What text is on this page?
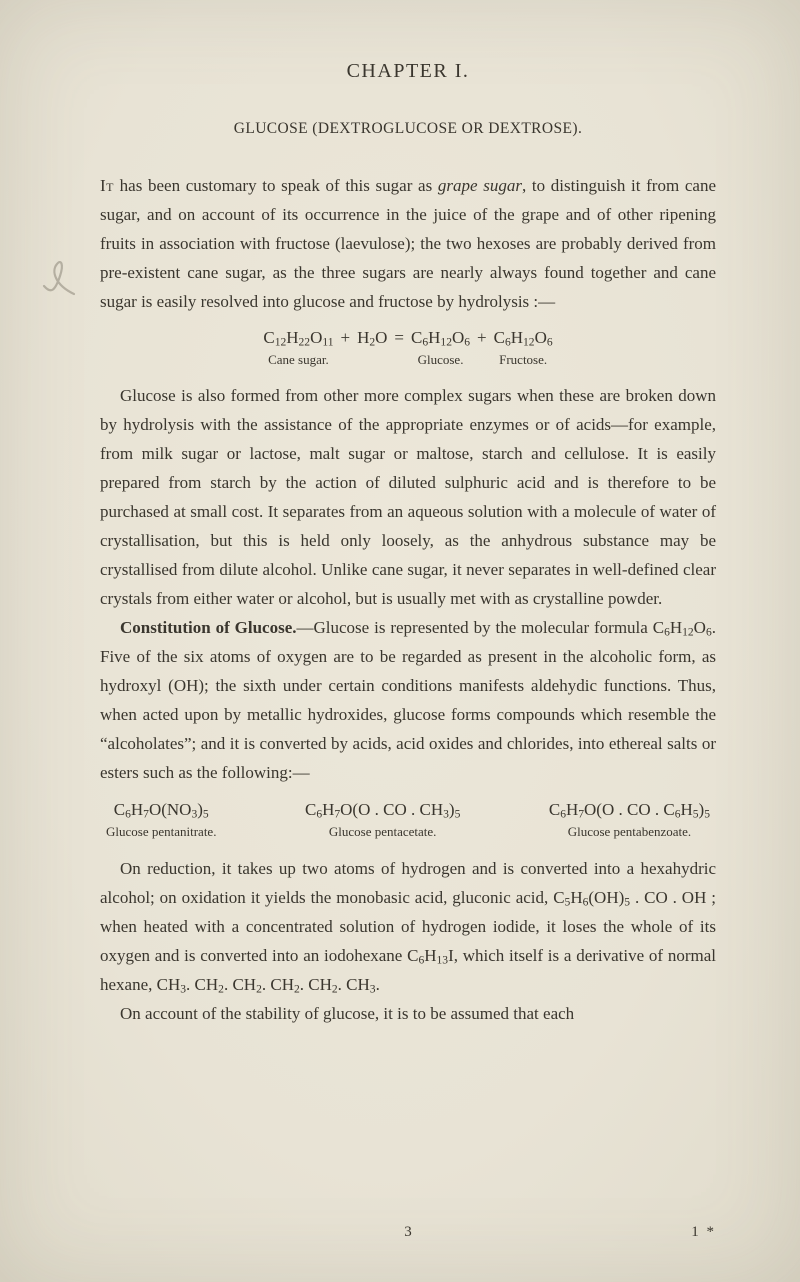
CHAPTER I.
GLUCOSE (DEXTROGLUCOSE OR DEXTROSE).

It has been customary to speak of this sugar as grape sugar, to distinguish it from cane sugar, and on account of its occurrence in the juice of the grape and of other ripening fruits in association with fructose (laevulose); the two hexoses are probably derived from pre-existent cane sugar, as the three sugars are nearly always found together and cane sugar is easily resolved into glucose and fructose by hydrolysis :—

$C_{12}H_{22}O_{11} + H_2O = C_6H_{12}O_6 + C_6H_{12}O_6$
Cane sugar.	Glucose.	Fructose.

Glucose is also formed from other more complex sugars when these are broken down by hydrolysis with the assistance of the appropriate enzymes or of acids—for example, from milk sugar or lactose, malt sugar or maltose, starch and cellulose. It is easily prepared from starch by the action of diluted sulphuric acid and is therefore to be purchased at small cost. It separates from an aqueous solution with a molecule of water of crystallisation, but this is held only loosely, as the anhydrous substance may be crystallised from dilute alcohol. Unlike cane sugar, it never separates in well-defined clear crystals from either water or alcohol, but is usually met with as crystalline powder.

Constitution of Glucose.—Glucose is represented by the molecular formula $C_6H_{12}O_6$. Five of the six atoms of oxygen are to be regarded as present in the alcoholic form, as hydroxyl (OH); the sixth under certain conditions manifests aldehydic functions. Thus, when acted upon by metallic hydroxides, glucose forms compounds which resemble the “alcoholates”; and it is converted by acids, acid oxides and chlorides, into ethereal salts or esters such as the following:—

$C_6H_7O(NO_3)_5$
Glucose pentanitrate.
$C_6H_7O(O$ . CO . $CH_3)_5$
Glucose pentacetate.
$C_6H_7O(O$ . CO . $C_6H_5)_5$
Glucose pentabenzoate.

On reduction, it takes up two atoms of hydrogen and is converted into a hexahydric alcohol; on oxidation it yields the monobasic acid, gluconic acid, $C_5H_6(OH)_5$ . CO . OH ; when heated with a concentrated solution of hydrogen iodide, it loses the whole of its oxygen and is converted into an iodohexane $C_6H_{13}I$, which itself is a derivative of normal hexane, $CH_3$. $CH_2$. $CH_2$. $CH_2$. $CH_2$. $CH_3$.

On account of the stability of glucose, it is to be assumed that each

3	1 *
